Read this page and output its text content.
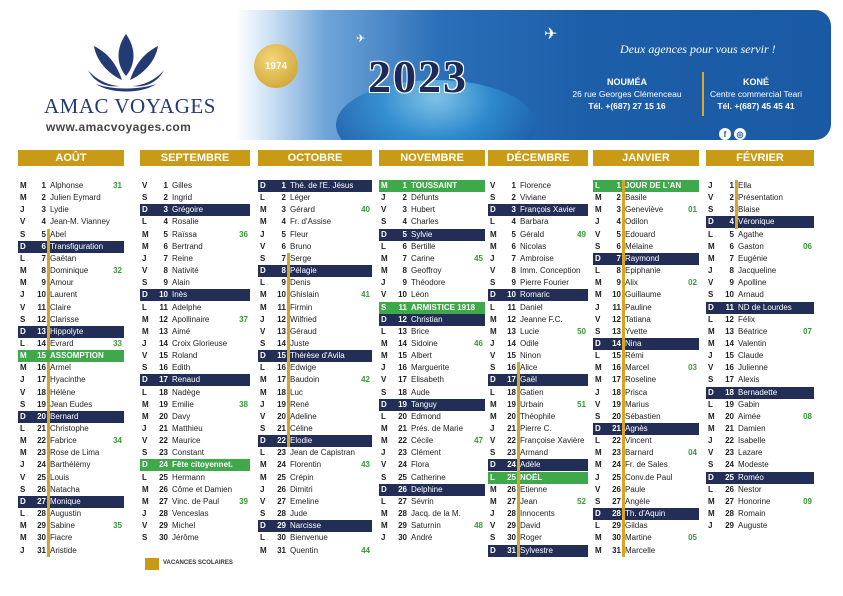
AMAC VOYAGES
www.amacvoyages.com
1974 2023
✈
✈
Deux agences pour vous servir !
NOUMÉA
26 rue Georges Clémenceau
Tél. +(687) 27 15 16
KONÉ
Centre commercial Teari
Tél. +(687) 45 45 41
f	◎
AOÛT
M	1 Alphonse	31
M	2 Julien Eymard
J	3 Lydie
V	4 Jean-M. Vianney
S	5 Abel
D	6 Transfiguration
L	7 Gaëtan
M	8 Dominique	32
M	9 Amour
J	10 Laurent
V	11 Claire
S	12 Clarisse
D	13 Hippolyte
L	14 Evrard	33
M	15 ASSOMPTION
M	16 Armel
J	17 Hyacinthe
V	18 Hélène
S	19 Jean Eudes
D	20 Bernard
L	21 Christophe
M	22 Fabrice	34
M	23 Rose de Lima
J	24 Barthélémy
V	25 Louis
S	26 Natacha
D	27 Monique
L	28 Augustin
M	29 Sabine	35
M	30 Fiacre
J	31 Aristide
SEPTEMBRE
V	1 Gilles
S	2 Ingrid
D	3 Grégoire
L	4 Rosalie
M	5 Raïssa	36
M	6 Bertrand
J	7 Reine
V	8 Nativité
S	9 Alain
D	10 Inès
L	11 Adelphe
M	12 Apollinaire	37
M	13 Aimé
J	14 Croix Glorieuse
V	15 Roland
S	16 Edith
D	17 Renaud
L	18 Nadège
M	19 Emilie	38
M	20 Davy
J	21 Matthieu
V	22 Maurice
S	23 Constant
D	24 Fête citoyennet.
L	25 Hermann
M	26 Côme et Damien
M	27 Vinc. de Paul	39
J	28 Venceslas
V	29 Michel
S	30 Jérôme
OCTOBRE
D	1 Thé. de l'E. Jésus
L	2 Léger
M	3 Gérard	40
M	4 Fr. d'Assise
J	5 Fleur
V	6 Bruno
S	7 Serge
D	8 Pélagie
L	9 Denis
M	10 Ghislain	41
M	11 Firmin
J	12 Wilfried
V	13 Géraud
S	14 Juste
D	15 Thérèse d'Avila
L	16 Edwige
M	17 Baudoin	42
M	18 Luc
J	19 René
V	20 Adeline
S	21 Céline
D	22 Elodie
L	23 Jean de Capistran
M	24 Florentin	43
M	25 Crépin
J	26 Dimitri
V	27 Emeline
S	28 Jude
D	29 Narcisse
L	30 Bienvenue
M	31 Quentin	44
NOVEMBRE
M	1 TOUSSAINT
J	2 Défunts
V	3 Hubert
S	4 Charles
D	5 Sylvie
L	6 Bertille
M	7 Carine	45
M	8 Geoffroy
J	9 Théodore
V	10 Léon
S	11 ARMISTICE 1918
D	12 Christian
L	13 Brice
M	14 Sidoine	46
M	15 Albert
J	16 Marguerite
V	17 Elisabeth
S	18 Aude
D	19 Tanguy
L	20 Edmond
M	21 Prés. de Marie
M	22 Cécile	47
J	23 Clément
V	24 Flora
S	25 Catherine
D	26 Delphine
L	27 Sévrin
M	28 Jacq. de la M.
M	29 Saturnin	48
J	30 André
DÉCEMBRE
V	1 Florence
S	2 Viviane
D	3 François Xavier
L	4 Barbara
M	5 Gérald	49
M	6 Nicolas
J	7 Ambroise
V	8 Imm. Conception
S	9 Pierre Fourier
D	10 Romaric
L	11 Daniel
M	12 Jeanne F.C.
M	13 Lucie	50
J	14 Odile
V	15 Ninon
S	16 Alice
D	17 Gaël
L	18 Gatien
M	19 Urbain	51
M	20 Théophile
J	21 Pierre C.
V	22 Françoise Xavière
S	23 Armand
D	24 Adèle
L	25 NOËL
M	26 Etienne
M	27 Jean	52
J	28 Innocents
V	29 David
S	30 Roger
D	31 Sylvestre
JANVIER
L	1 JOUR DE L'AN
M	2 Basile
M	3 Geneviève	01
J	4 Odilon
V	5 Edouard
S	6 Mélaine
D	7 Raymond
L	8 Epiphanie
M	9 Alix	02
M	10 Guillaume
J	11 Pauline
V	12 Tatiana
S	13 Yvette
D	14 Nina
L	15 Rémi
M	16 Marcel	03
M	17 Roseline
J	18 Prisca
V	19 Marius
S	20 Sébastien
D	21 Agnès
L	22 Vincent
M	23 Barnard	04
M	24 Fr. de Sales
J	25 Conv.de Paul
V	26 Paule
S	27 Angèle
D	28 Th. d'Aquin
L	29 Gildas
M	30 Martine	05
M	31 Marcelle
FÉVRIER
J	1 Ella
V	2 Présentation
S	3 Blaise
D	4 Véronique
L	5 Agathe
M	6 Gaston	06
M	7 Eugénie
J	8 Jacqueline
V	9 Apolline
S	10 Arnaud
D	11 ND de Lourdes
L	12 Félix
M	13 Béatrice	07
M	14 Valentin
J	15 Claude
V	16 Julienne
S	17 Alexis
D	18 Bernadette
L	19 Gabin
M	20 Aimée	08
M	21 Damien
J	22 Isabelle
V	23 Lazare
S	24 Modeste
D	25 Roméo
L	26 Nestor
M	27 Honorine	09
M	28 Romain
J	29 Auguste
VACANCES SCOLAIRES
